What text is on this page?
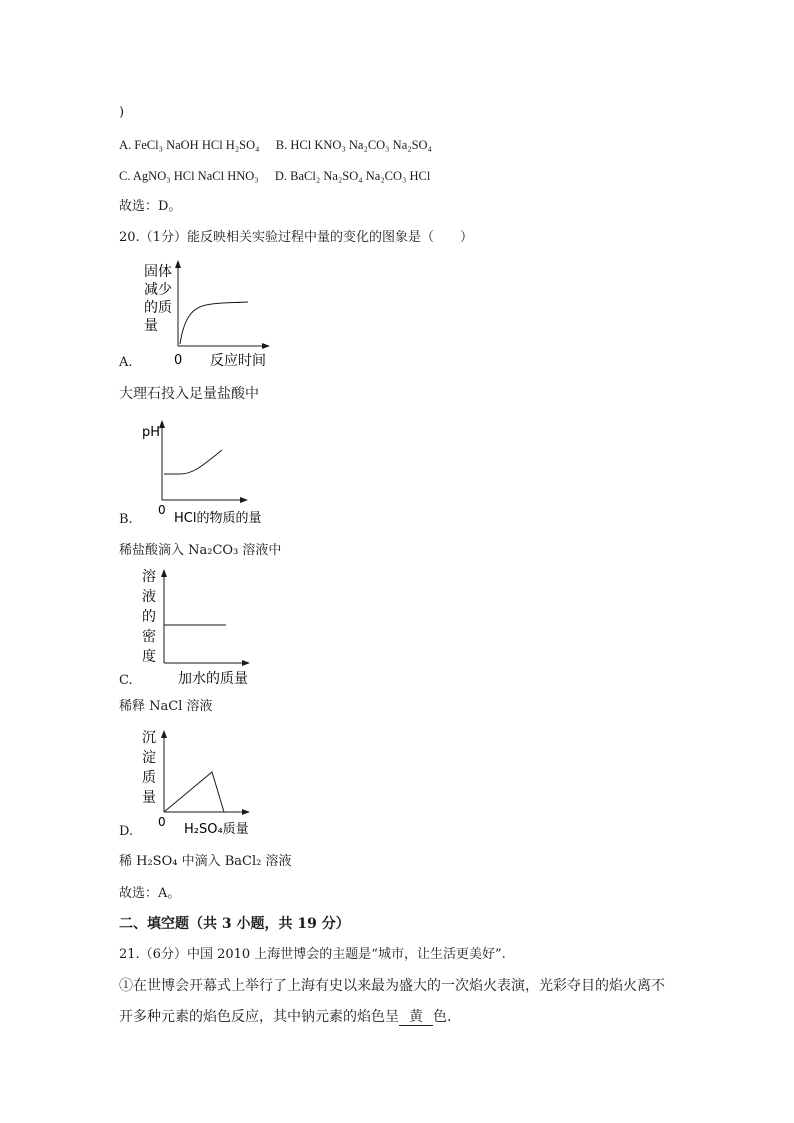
)
A. FeCl₃ NaOH HCl H₂SO₄ B. HCl KNO₃ Na₂CO₃ Na₂SO₄
C. AgNO₃ HCl NaCl HNO₃ D. BaCl₂ Na₂SO₄ Na₂CO₃ HCl
故选：D。
20.（1分）能反映相关实验过程中量的变化的图象是（　　）
固体
减少
的质
量
0 反应时间
A.
大理石投入足量盐酸中
pH
0
HCl的物质的量
B.
稀盐酸滴入 Na₂CO₃ 溶液中
溶
液
的
密
度
加水的质量
C.
稀释 NaCl 溶液
沉
淀
质
量
0 H₂SO₄质量
D.
稀 H₂SO₄ 中滴入 BaCl₂ 溶液
故选：A。
二、填空题（共 3 小题，共 19 分）
21.（6分）中国 2010 上海世博会的主题是“城市，让生活更美好”.
①在世博会开幕式上举行了上海有史以来最为盛大的一次焰火表演，光彩夺目的焰火离不
开多种元素的焰色反应，其中钠元素的焰色呈 黄 色.
